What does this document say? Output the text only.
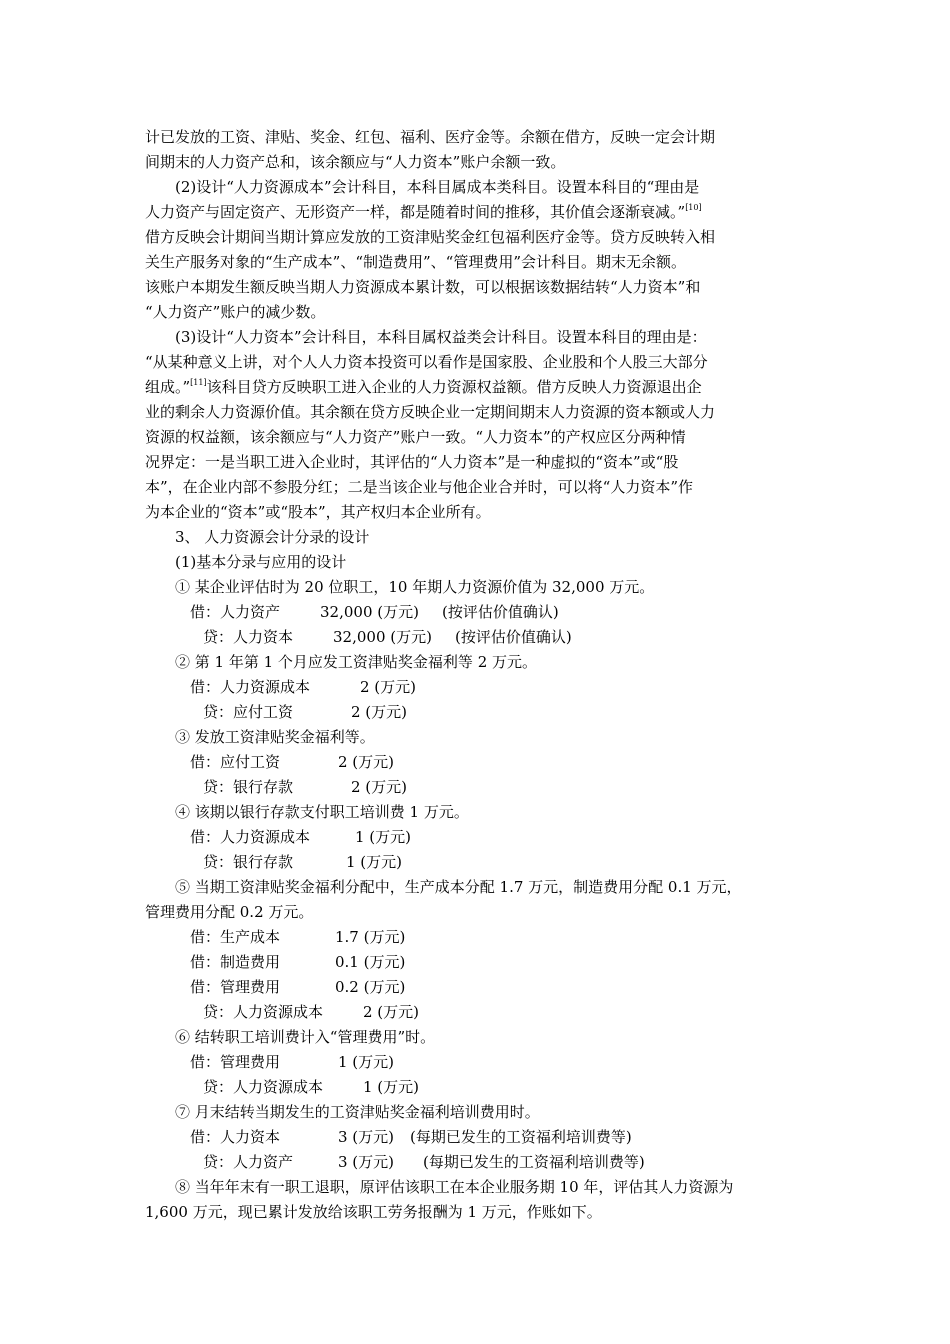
计已发放的工资、津贴、奖金、红包、福利、医疗金等。余额在借方，反映一定会计期
间期末的人力资产总和，该余额应与“人力资本”账户余额一致。
(2)设计“人力资源成本”会计科目，本科目属成本类科目。设置本科目的“理由是
人力资产与固定资产、无形资产一样，都是随着时间的推移，其价值会逐渐衰减。”[10]
借方反映会计期间当期计算应发放的工资津贴奖金红包福利医疗金等。贷方反映转入相
关生产服务对象的“生产成本”、“制造费用”、“管理费用”会计科目。期末无余额。
该账户本期发生额反映当期人力资源成本累计数，可以根据该数据结转“人力资本”和
“人力资产”账户的减少数。
(3)设计“人力资本”会计科目，本科目属权益类会计科目。设置本科目的理由是：
“从某种意义上讲，对个人人力资本投资可以看作是国家股、企业股和个人股三大部分
组成。”[11]该科目贷方反映职工进入企业的人力资源权益额。借方反映人力资源退出企
业的剩余人力资源价值。其余额在贷方反映企业一定期间期末人力资源的资本额或人力
资源的权益额，该余额应与“人力资产”账户一致。“人力资本”的产权应区分两种情
况界定：一是当职工进入企业时，其评估的“人力资本”是一种虚拟的“资本”或“股
本”，在企业内部不参股分红；二是当该企业与他企业合并时，可以将“人力资本”作
为本企业的“资本”或“股本”，其产权归本企业所有。
3、 人力资源会计分录的设计
(1)基本分录与应用的设计
① 某企业评估时为 20 位职工，10 年期人力资源价值为 32,000 万元。
借：人力资产	32,000 (万元) (按评估价值确认)
贷：人力资本	32,000 (万元) (按评估价值确认)
② 第 1 年第 1 个月应发工资津贴奖金福利等 2 万元。
借：人力资源成本	2 (万元)
贷：应付工资	2 (万元)
③ 发放工资津贴奖金福利等。
借：应付工资	2 (万元)
贷：银行存款	2 (万元)
④ 该期以银行存款支付职工培训费 1 万元。
借：人力资源成本	1 (万元)
贷：银行存款	1 (万元)
⑤ 当期工资津贴奖金福利分配中，生产成本分配 1.7 万元，制造费用分配 0.1 万元，
管理费用分配 0.2 万元。
借：生产成本	1.7 (万元)
借：制造费用	0.1 (万元)
借：管理费用	0.2 (万元)
贷：人力资源成本	2 (万元)
⑥ 结转职工培训费计入“管理费用”时。
借：管理费用	1 (万元)
贷：人力资源成本	1 (万元)
⑦ 月末结转当期发生的工资津贴奖金福利培训费用时。
借：人力资本	3 (万元) (每期已发生的工资福利培训费等)
贷：人力资产	3 (万元) (每期已发生的工资福利培训费等)
⑧ 当年年末有一职工退职，原评估该职工在本企业服务期 10 年，评估其人力资源为
1,600 万元，现已累计发放给该职工劳务报酬为 1 万元，作账如下。
